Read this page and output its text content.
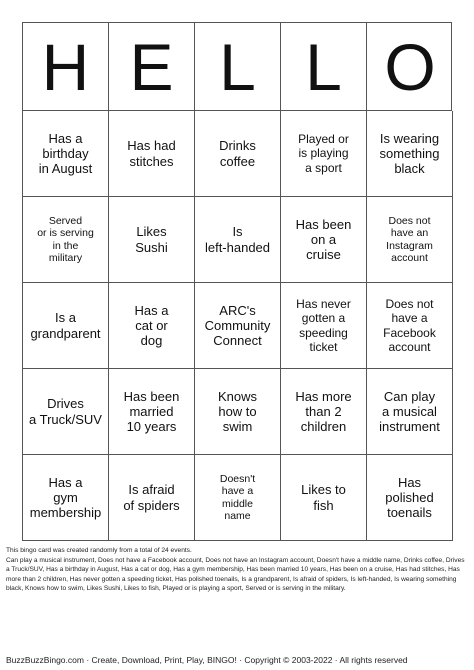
H E L L O
Has a
birthday
in August
Has had
stitches
Drinks
coffee
Played or
is playing
a sport
Is wearing
something
black
Served
or is serving
in the
military
Likes
Sushi
Is
left-handed
Has been
on a
cruise
Does not
have an
Instagram
account
Is a
grandparent
Has a
cat or
dog
ARC's
Community
Connect
Has never
gotten a
speeding
ticket
Does not
have a
Facebook
account
Drives
a Truck/SUV
Has been
married
10 years
Knows
how to
swim
Has more
than 2
children
Can play
a musical
instrument
Has a
gym
membership
Is afraid
of spiders
Doesn't
have a
middle
name
Likes to
fish
Has
polished
toenails

This bingo card was created randomly from a total of 24 events.

Can play a musical instrument, Does not have a Facebook account, Does not have an Instagram account, Doesn't have a middle name, Drinks coffee, Drives a Truck/SUV, Has a birthday in August, Has a cat or dog, Has a gym membership, Has been married 10 years, Has been on a cruise, Has had stitches, Has more than 2 children, Has never gotten a speeding ticket, Has polished toenails, Is a grandparent, Is afraid of spiders, Is left-handed, Is wearing something black, Knows how to swim, Likes Sushi, Likes to fish, Played or is playing a sport, Served or is serving in the military.

BuzzBuzzBingo.com · Create, Download, Print, Play, BINGO! · Copyright © 2003-2022 · All rights reserved
